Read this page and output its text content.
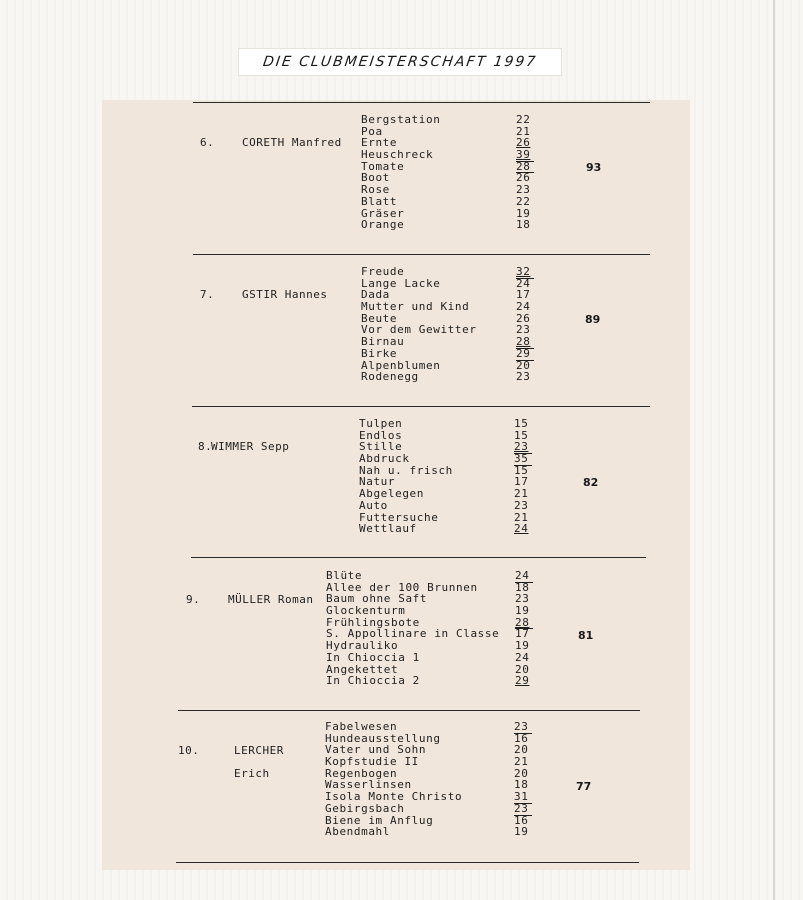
DIE CLUBMEISTERSCHAFT 1997
6.	CORETH Manfred
Bergstation	22
Poa	21
Ernte	26
Heuschreck	39
Tomate	28
Boot	26
Rose	23
Blatt	22
Gräser	19
Orange	18
93
7.	GSTIR Hannes
Freude	32
Lange Lacke	24
Dada	17
Mutter und Kind	24
Beute	26
Vor dem Gewitter	23
Birnau	28
Birke	29
Alpenblumen	20
Rodenegg	23
89
8.
WIMMER Sepp
Tulpen	15
Endlos	15
Stille	23
Abdruck	35
Nah u. frisch	15
Natur	17
Abgelegen	21
Auto	23
Futtersuche	21
Wettlauf	24
82
9.	MÜLLER Roman
Blüte	24
Allee der 100 Brunnen	18
Baum ohne Saft	23
Glockenturm	19
Frühlingsbote	28
S. Appollinare in Classe 17
Hydrauliko	19
In Chioccia 1	24
Angekettet	20
In Chioccia 2	29
81
10.	LERCHER
Erich
Fabelwesen	23
Hundeausstellung	16
Vater und Sohn	20
Kopfstudie II	21
Regenbogen	20
Wasserlinsen	18
Isola Monte Christo	31
Gebirgsbach	23
Biene im Anflug	16
Abendmahl	19
77
